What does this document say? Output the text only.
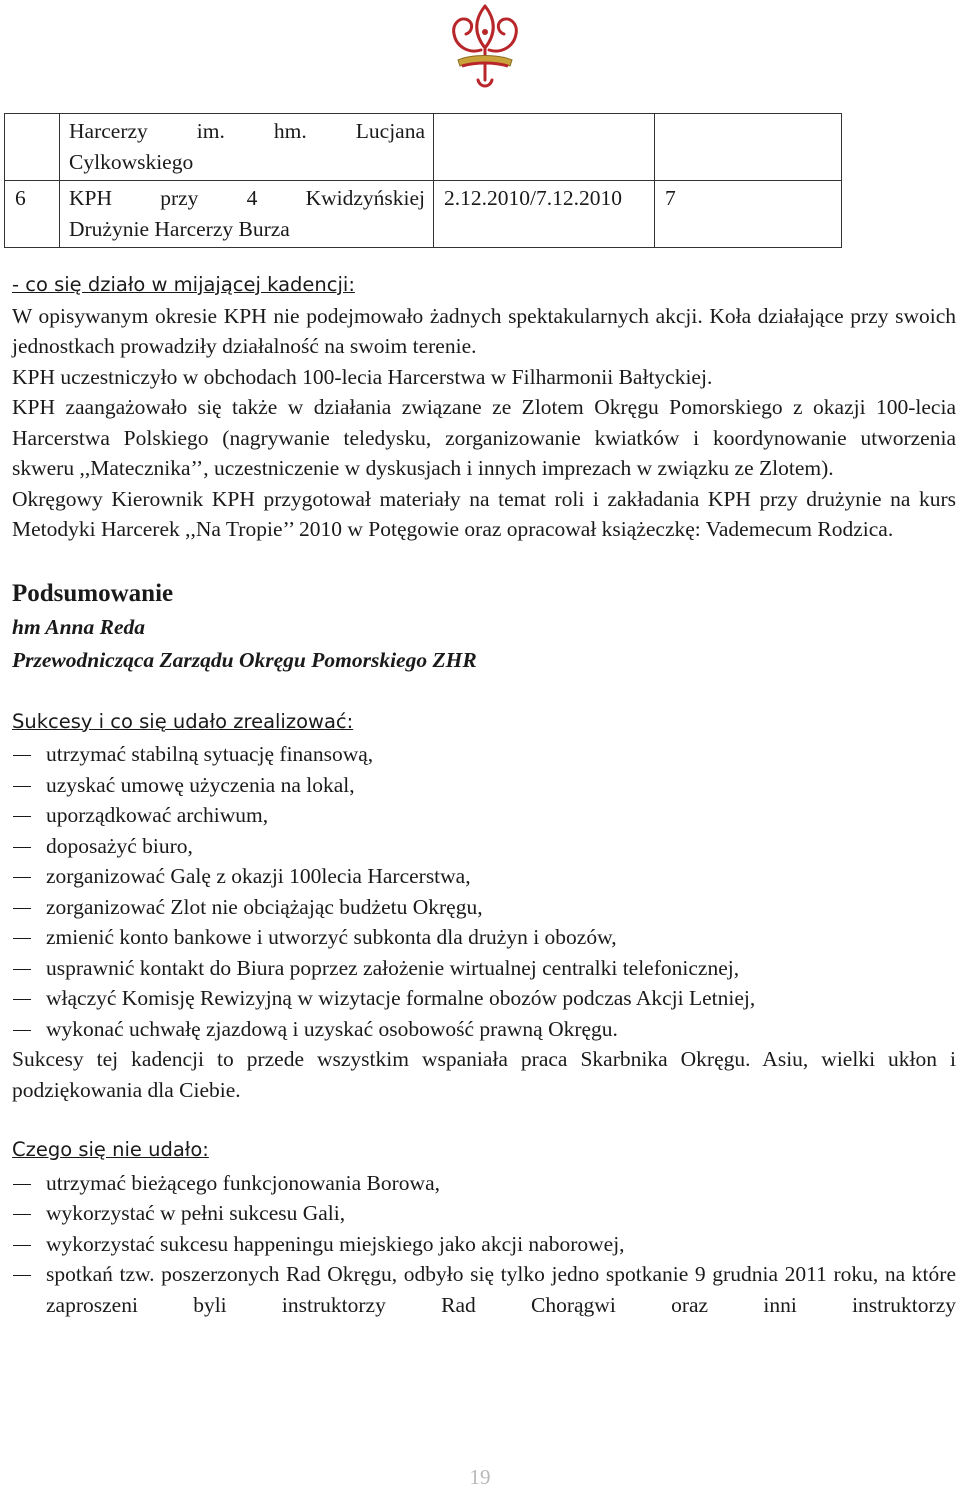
	Harcerzy im. hm. Lucjana
Cylkowskiego		

6	KPH przy 4 Kwidzyńskiej
Drużynie Harcerzy Burza	2.12.2010/7.12.2010	7
- co się działo w mijającej kadencji:

W opisywanym okresie KPH nie podejmowało żadnych spektakularnych akcji. Koła działające przy swoich jednostkach prowadziły działalność na swoim terenie.

KPH uczestniczyło w obchodach 100-lecia Harcerstwa w Filharmonii Bałtyckiej.

KPH zaangażowało się także w działania związane ze Zlotem Okręgu Pomorskiego z okazji 100-lecia Harcerstwa Polskiego (nagrywanie teledysku, zorganizowanie kwiatków i koordynowanie utworzenia skweru ,,Matecznika’’, uczestniczenie w dyskusjach i innych imprezach w związku ze Zlotem).

Okręgowy Kierownik KPH przygotował materiały na temat roli i zakładania KPH przy drużynie na kurs Metodyki Harcerek ,,Na Tropie’’ 2010 w Potęgowie oraz opracował książeczkę: Vademecum Rodzica.

Podsumowanie
hm Anna Reda
Przewodnicząca Zarządu Okręgu Pomorskiego ZHR
Sukcesy i co się udało zrealizować:
utrzymać stabilną sytuację finansową,
uzyskać umowę użyczenia na lokal,
uporządkować archiwum,
doposażyć biuro,
zorganizować Galę z okazji 100lecia Harcerstwa,
zorganizować Zlot nie obciążając budżetu Okręgu,
zmienić konto bankowe i utworzyć subkonta dla drużyn i obozów,
usprawnić kontakt do Biura poprzez założenie wirtualnej centralki telefonicznej,
włączyć Komisję Rewizyjną w wizytacje formalne obozów podczas Akcji Letniej,
wykonać uchwałę zjazdową i uzyskać osobowość prawną Okręgu.

Sukcesy tej kadencji to przede wszystkim wspaniała praca Skarbnika Okręgu. Asiu, wielki ukłon i podziękowania dla Ciebie.

Czego się nie udało:
utrzymać bieżącego funkcjonowania Borowa,
wykorzystać w pełni sukcesu Gali,
wykorzystać sukcesu happeningu miejskiego jako akcji naborowej,
spotkań tzw. poszerzonych Rad Okręgu, odbyło się tylko jedno spotkanie 9 grudnia 2011 roku, na które zaproszeni byli instruktorzy Rad Chorągwi oraz inni instruktorzy
19
